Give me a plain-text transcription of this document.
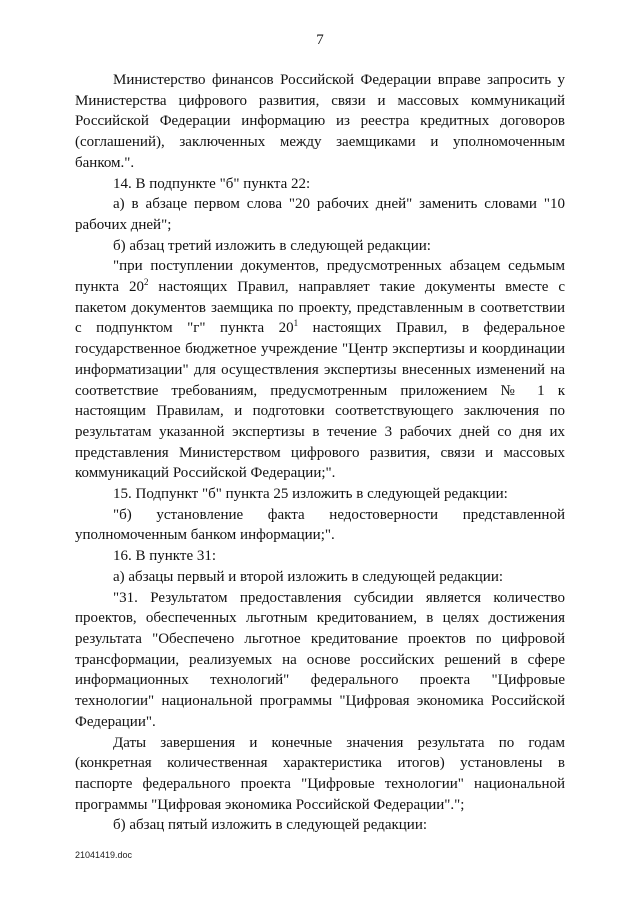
7

Министерство финансов Российской Федерации вправе запросить у Министерства цифрового развития, связи и массовых коммуникаций Российской Федерации информацию из реестра кредитных договоров (соглашений), заключенных между заемщиками и уполномоченным банком.".

14. В подпункте "б" пункта 22:

а) в абзаце первом слова "20 рабочих дней" заменить словами "10 рабочих дней";

б) абзац третий изложить в следующей редакции:

"при поступлении документов, предусмотренных абзацем седьмым пункта $20^2$ настоящих Правил, направляет такие документы вместе с пакетом документов заемщика по проекту, представленным в соответствии с подпунктом "г" пункта $20^1$ настоящих Правил, в федеральное государственное бюджетное учреждение "Центр экспертизы и координации информатизации" для осуществления экспертизы внесенных изменений на соответствие требованиям, предусмотренным приложением № 1 к настоящим Правилам, и подготовки соответствующего заключения по результатам указанной экспертизы в течение 3 рабочих дней со дня их представления Министерством цифрового развития, связи и массовых коммуникаций Российской Федерации;".

15. Подпункт "б" пункта 25 изложить в следующей редакции:

"б) установление факта недостоверности представленной уполномоченным банком информации;".

16. В пункте 31:

а) абзацы первый и второй изложить в следующей редакции:

"31. Результатом предоставления субсидии является количество проектов, обеспеченных льготным кредитованием, в целях достижения результата "Обеспечено льготное кредитование проектов по цифровой трансформации, реализуемых на основе российских решений в сфере информационных технологий" федерального проекта "Цифровые технологии" национальной программы "Цифровая экономика Российской Федерации".

Даты завершения и конечные значения результата по годам (конкретная количественная характеристика итогов) установлены в паспорте федерального проекта "Цифровые технологии" национальной программы "Цифровая экономика Российской Федерации".";

б) абзац пятый изложить в следующей редакции:

21041419.doc
